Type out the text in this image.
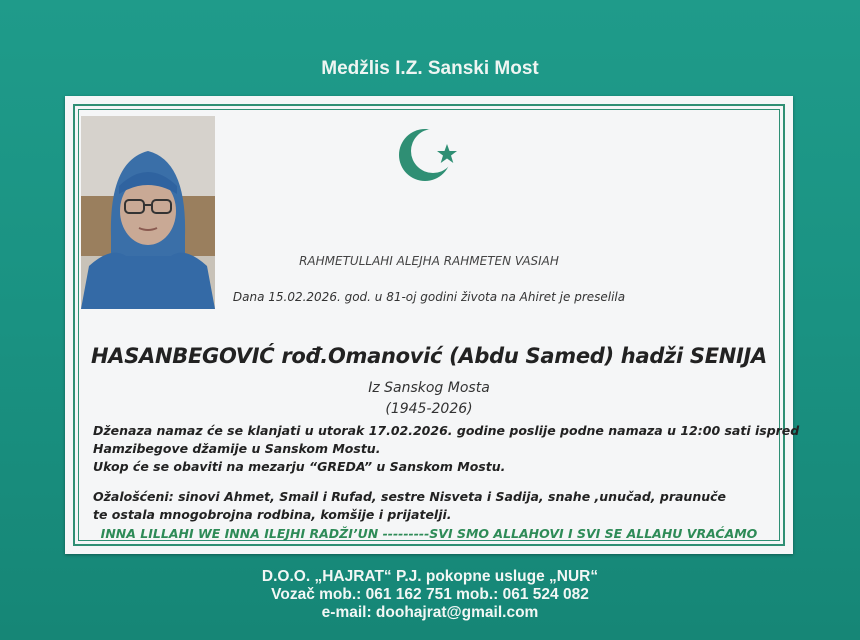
Medžlis I.Z. Sanski Most
RAHMETULLAHI ALEJHA RAHMETEN VASIAH
Dana 15.02.2026. god. u 81-oj godini života na Ahiret je preselila
HASANBEGOVIĆ rođ.Omanović (Abdu Samed) hadži SENIJA
Iz Sanskog Mosta
(1945-2026)
Dženaza namaz će se klanjati u utorak 17.02.2026. godine poslije podne namaza u 12:00 sati ispred
Hamzibegove džamije u Sanskom Mostu.
Ukop će se obaviti na mezarju “GREDA” u Sanskom Mostu.
Ožalošćeni: sinovi Ahmet, Smail i Rufad, sestre Nisveta i Sadija, snahe ,unučad, praunuče
te ostala mnogobrojna rodbina, komšije i prijatelji.
INNA LILLAHI WE INNA ILEJHI RADŽI’UN ---------SVI SMO ALLAHOVI I SVI SE ALLAHU VRAĆAMO
D.O.O. „HAJRAT“ P.J. pokopne usluge „NUR“
Vozač mob.: 061 162 751 mob.: 061 524 082
e-mail: doohajrat@gmail.com
